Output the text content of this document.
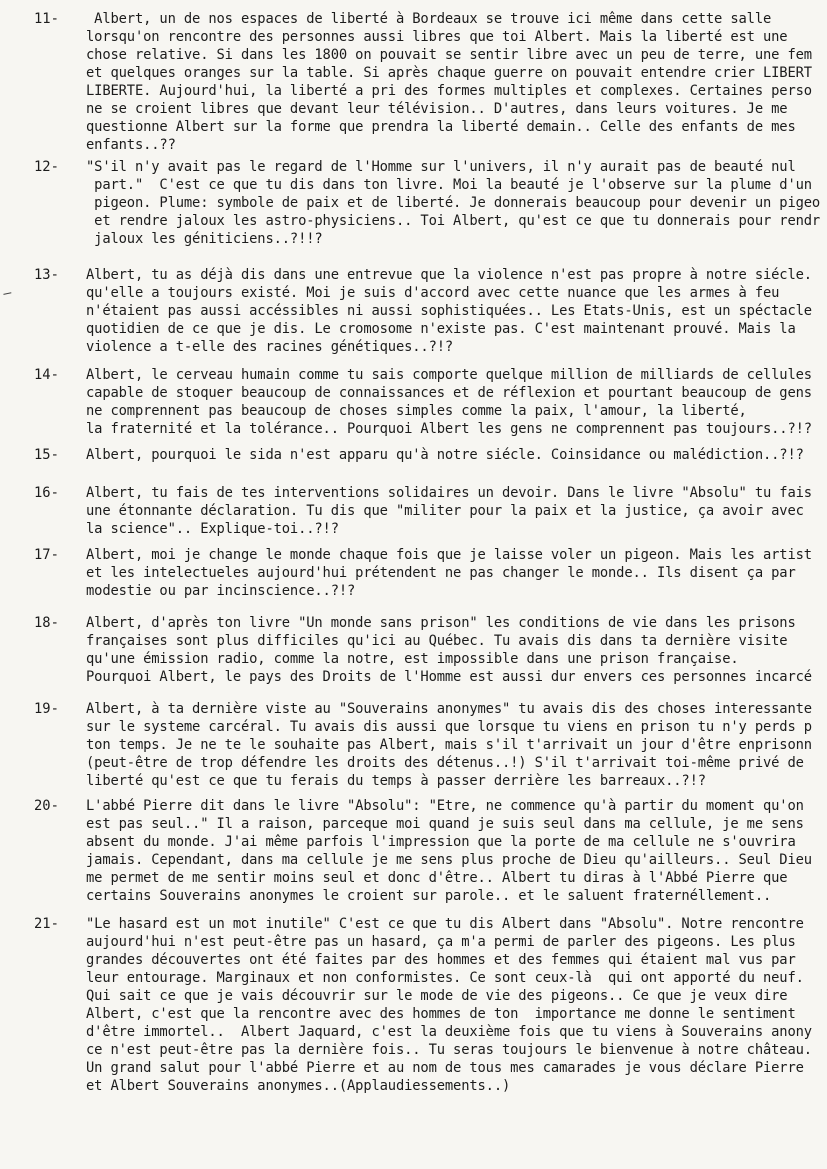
11- Albert, un de nos espaces de liberté à Bordeaux se trouve ici même dans cette salle
lorsqu'on rencontre des personnes aussi libres que toi Albert. Mais la liberté est une
chose relative. Si dans les 1800 on pouvait se sentir libre avec un peu de terre, une fem
et quelques oranges sur la table. Si après chaque guerre on pouvait entendre crier LIBERT
LIBERTE. Aujourd'hui, la liberté a pri des formes multiples et complexes. Certaines perso
ne se croient libres que devant leur télévision.. D'autres, dans leurs voitures. Je me
questionne Albert sur la forme que prendra la liberté demain.. Celle des enfants de mes
enfants..??
12- "S'il n'y avait pas le regard de l'Homme sur l'univers, il n'y aurait pas de beauté nul
part."  C'est ce que tu dis dans ton livre. Moi la beauté je l'observe sur la plume d'un
pigeon. Plume: symbole de paix et de liberté. Je donnerais beaucoup pour devenir un pigeo
et rendre jaloux les astro-physiciens.. Toi Albert, qu'est ce que tu donnerais pour rendr
jaloux les géniticiens..?!!?
13- Albert, tu as déjà dis dans une entrevue que la violence n'est pas propre à notre siécle.
qu'elle a toujours existé. Moi je suis d'accord avec cette nuance que les armes à feu
n'étaient pas aussi accéssibles ni aussi sophistiquées.. Les Etats-Unis, est un spéctacle
quotidien de ce que je dis. Le cromosome n'existe pas. C'est maintenant prouvé. Mais la
violence a t-elle des racines génétiques..?!?
14- Albert, le cerveau humain comme tu sais comporte quelque million de milliards de cellules
capable de stoquer beaucoup de connaissances et de réflexion et pourtant beaucoup de gens
ne comprennent pas beaucoup de choses simples comme la paix, l'amour, la liberté,
la fraternité et la tolérance.. Pourquoi Albert les gens ne comprennent pas toujours..?!?
15- Albert, pourquoi le sida n'est apparu qu'à notre siécle. Coinsidance ou malédiction..?!?
16- Albert, tu fais de tes interventions solidaires un devoir. Dans le livre "Absolu" tu fais
une étonnante déclaration. Tu dis que "militer pour la paix et la justice, ça avoir avec
la science".. Explique-toi..?!?
17- Albert, moi je change le monde chaque fois que je laisse voler un pigeon. Mais les artist
et les intelectueles aujourd'hui prétendent ne pas changer le monde.. Ils disent ça par
modestie ou par incinscience..?!?
18- Albert, d'après ton livre "Un monde sans prison" les conditions de vie dans les prisons
françaises sont plus difficiles qu'ici au Québec. Tu avais dis dans ta dernière visite
qu'une émission radio, comme la notre, est impossible dans une prison française.
Pourquoi Albert, le pays des Droits de l'Homme est aussi dur envers ces personnes incarcé
19- Albert, à ta dernière viste au "Souverains anonymes" tu avais dis des choses interessante
sur le systeme carcéral. Tu avais dis aussi que lorsque tu viens en prison tu n'y perds p
ton temps. Je ne te le souhaite pas Albert, mais s'il t'arrivait un jour d'être enprisonn
(peut-être de trop défendre les droits des détenus..!) S'il t'arrivait toi-même privé de
liberté qu'est ce que tu ferais du temps à passer derrière les barreaux..?!?
20- L'abbé Pierre dit dans le livre "Absolu": "Etre, ne commence qu'à partir du moment qu'on
est pas seul.." Il a raison, parceque moi quand je suis seul dans ma cellule, je me sens
absent du monde. J'ai même parfois l'impression que la porte de ma cellule ne s'ouvrira
jamais. Cependant, dans ma cellule je me sens plus proche de Dieu qu'ailleurs.. Seul Dieu
me permet de me sentir moins seul et donc d'être.. Albert tu diras à l'Abbé Pierre que
certains Souverains anonymes le croient sur parole.. et le saluent fraternéllement..
21- "Le hasard est un mot inutile" C'est ce que tu dis Albert dans "Absolu". Notre rencontre
aujourd'hui n'est peut-être pas un hasard, ça m'a permi de parler des pigeons. Les plus
grandes découvertes ont été faites par des hommes et des femmes qui étaient mal vus par
leur entourage. Marginaux et non conformistes. Ce sont ceux-là  qui ont apporté du neuf.
Qui sait ce que je vais découvrir sur le mode de vie des pigeons.. Ce que je veux dire
Albert, c'est que la rencontre avec des hommes de ton  importance me donne le sentiment
d'être immortel..  Albert Jaquard, c'est la deuxième fois que tu viens à Souverains anony
ce n'est peut-être pas la dernière fois.. Tu seras toujours le bienvenue à notre château.
Un grand salut pour l'abbé Pierre et au nom de tous mes camarades je vous déclare Pierre
et Albert Souverains anonymes..(Applaudiessements..)
